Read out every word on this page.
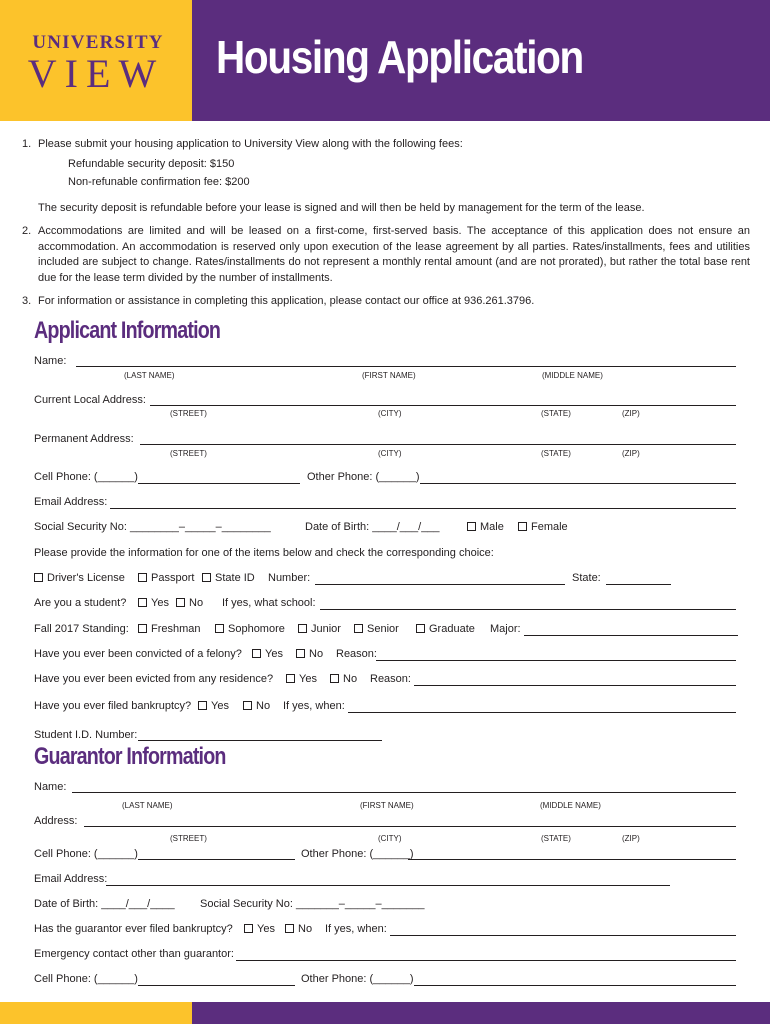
UNIVERSITY
VIEW Housing Application
1. Please submit your housing application to University View along with the following fees:
Refundable security deposit: $150
Non-refunable confirmation fee: $200
The security deposit is refundable before your lease is signed and will then be held by management for the term of the lease.
2. Accommodations are limited and will be leased on a first-come, first-served basis. The acceptance of this application does not ensure an accommodation. An accommodation is reserved only upon execution of the lease agreement by all parties. Rates/installments, fees and utilities included are subject to change. Rates/installments do not represent a monthly rental amount (and are not prorated), but rather the total base rent due for the lease term divided by the number of installments.
3. For information or assistance in completing this application, please contact our office at 936.261.3796.
Applicant Information
Name:
(LAST NAME)	(FIRST NAME)	(MIDDLE NAME)
Current Local Address:
(STREET)	(CITY)	(STATE)	(ZIP)
Permanent Address:
(STREET)	(CITY)	(STATE)	(ZIP)
Cell Phone: (______)	Other Phone: (______)
Email Address:
Social Security No: ________–_____–________	Date of Birth: ____/___/___	Male	Female
Please provide the information for one of the items below and check the corresponding choice:
Driver's License	Passport	State ID Number:	State:
Are you a student?	Yes	No If yes, what school:
Fall 2017 Standing:	Freshman	Sophomore	Junior	Senior	Graduate Major:
Have you ever been convicted of a felony?	Yes	No Reason:
Have you ever been evicted from any residence?	Yes	No Reason:
Have you ever filed bankruptcy?	Yes	No If yes, when:
Student I.D. Number:
Guarantor Information
Name:
(LAST NAME)	(FIRST NAME)	(MIDDLE NAME)
Address:
(STREET)	(CITY)	(STATE)	(ZIP)
Cell Phone: (______)	Other Phone: (______)
Email Address:
Date of Birth: ____/___/____ Social Security No: _______–_____–_______
Has the guarantor ever filed bankruptcy?	Yes	No If yes, when:
Emergency contact other than guarantor:
Cell Phone: (______)	Other Phone: (______)
